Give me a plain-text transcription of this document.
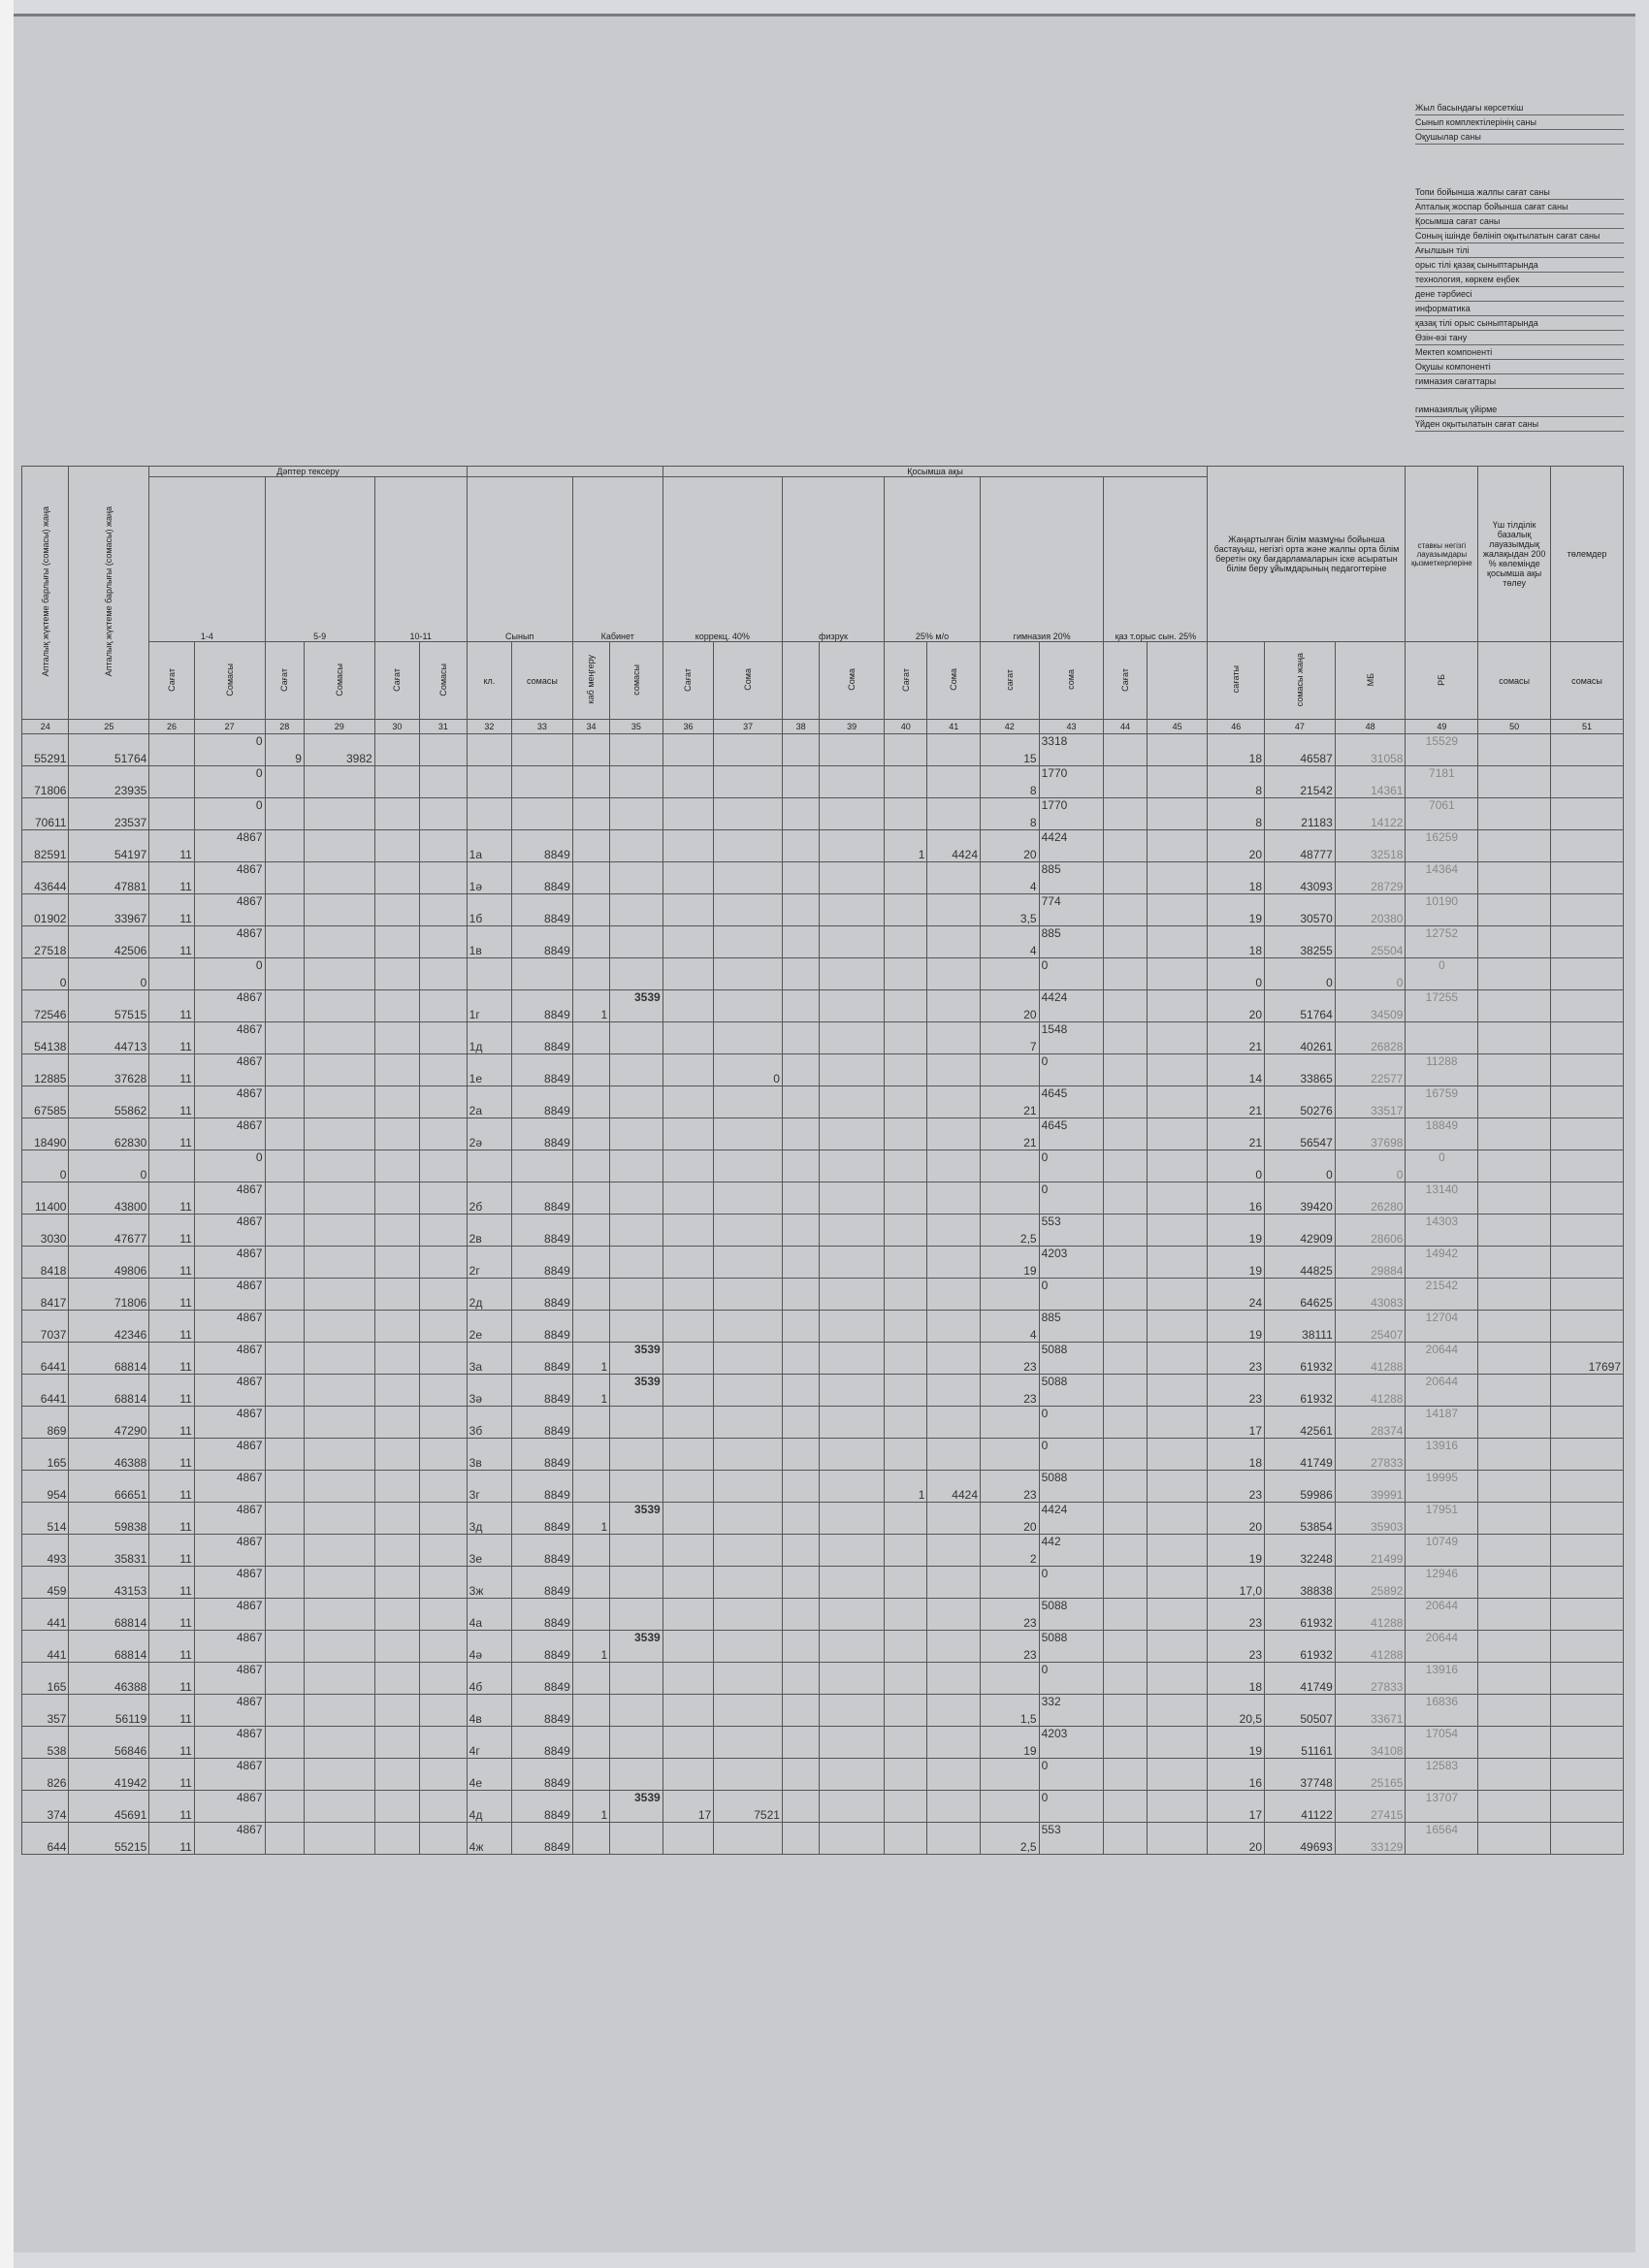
Жыл басындағы көрсеткіш
Сынып комплектілерінің саны
Оқушылар саны
Топи бойынша жалпы сағат саны
Апталық жоспар бойынша сағат саны
Қосымша сағат саны
Соның ішінде бөлініп оқытылатын сағат саны
Ағылшын тілі
орыс тілі қазақ сыныптарында
технология, көркем еңбек
дене тәрбиесі
информатика
қазақ тілі орыс сыныптарында
Өзін-өзі тану
Мектеп компоненті
Оқушы компоненті
гимназия сағаттары
гимназиялық үйірме
Үйден оқытылатын сағат саны
Апталық жүктеме барлығы (сомасы) жаңа	Апталық жүктеме барлығы (сомасы) жаңа	Дәптер тексеру										Қосымша ақы										Жаңартылған білім мазмұны бойынша бастауыш, негізгі орта және жалпы орта білім беретін оқу бағдарламаларын іске асыратын білім беру ұйымдарының педагогтеріне			ставкы негізгі лауазымдары қызметкерлеріне	Үш тілділік базалық лауазымдық жалақыдан 200 % көлемінде қосымша ақы төлеу	төлемдер
		1-4		5-9		10-11		Сынып		Кабинет		коррекц. 40%		физрук		25% м/о		гимназия 20%		қаз т.орыс сын. 25%							
		Сағат	Сомасы	Сағат	Сомасы	Сағат	Сомасы	кл.	сомасы	каб меңгеру	сомасы	Сағат	Сома		Сома	Сағат	Сома	сағат	сома	Сағат		сағаты	сомасы жаңа	МБ	РБ	сомасы	сомасы
24	25	26	27	28	29	30	31	32	33	34	35	36	37	38	39	40	41	42	43	44	45	46	47	48	49	50	51
55291	51764		0	9	3982													15	3318			18	46587	31058	15529		
71806	23935		0															8	1770			8	21542	14361	7181		
70611	23537		0															8	1770			8	21183	14122	7061		
82591	54197	11	4867					1а	8849							1	4424	20	4424			20	48777	32518	16259		
43644	47881	11	4867					1ә	8849									4	885			18	43093	28729	14364		
01902	33967	11	4867					1б	8849									3,5	774			19	30570	20380	10190		
27518	42506	11	4867					1в	8849									4	885			18	38255	25504	12752		
0	0		0																0			0	0	0	0		
72546	57515	11	4867					1г	8849	1	3539							20	4424			20	51764	34509	17255		
54138	44713	11	4867					1д	8849									7	1548			21	40261	26828			
12885	37628	11	4867					1е	8849				0						0			14	33865	22577	11288		
67585	55862	11	4867					2а	8849									21	4645			21	50276	33517	16759		
18490	62830	11	4867					2ә	8849									21	4645			21	56547	37698	18849		
0	0		0																0			0	0	0	0		
11400	43800	11	4867					2б	8849										0			16	39420	26280	13140		
3030	47677	11	4867					2в	8849									2,5	553			19	42909	28606	14303		
8418	49806	11	4867					2г	8849									19	4203			19	44825	29884	14942		
8417	71806	11	4867					2д	8849										0			24	64625	43083	21542		
7037	42346	11	4867					2е	8849									4	885			19	38111	25407	12704		
6441	68814	11	4867					3а	8849	1	3539							23	5088			23	61932	41288	20644		17697
6441	68814	11	4867					3ә	8849	1	3539							23	5088			23	61932	41288	20644		
869	47290	11	4867					3б	8849										0			17	42561	28374	14187		
165	46388	11	4867					3в	8849										0			18	41749	27833	13916		
954	66651	11	4867					3г	8849							1	4424	23	5088			23	59986	39991	19995		
514	59838	11	4867					3д	8849	1	3539							20	4424			20	53854	35903	17951		
493	35831	11	4867					3е	8849									2	442			19	32248	21499	10749		
459	43153	11	4867					3ж	8849										0			17,0	38838	25892	12946		
441	68814	11	4867					4а	8849									23	5088			23	61932	41288	20644		
441	68814	11	4867					4ә	8849	1	3539							23	5088			23	61932	41288	20644		
165	46388	11	4867					4б	8849										0			18	41749	27833	13916		
357	56119	11	4867					4в	8849									1,5	332			20,5	50507	33671	16836		
538	56846	11	4867					4г	8849									19	4203			19	51161	34108	17054		
826	41942	11	4867					4е	8849										0			16	37748	25165	12583		
374	45691	11	4867					4д	8849	1	3539	17	7521						0			17	41122	27415	13707		
644	55215	11	4867					4ж	8849									2,5	553			20	49693	33129	16564		
